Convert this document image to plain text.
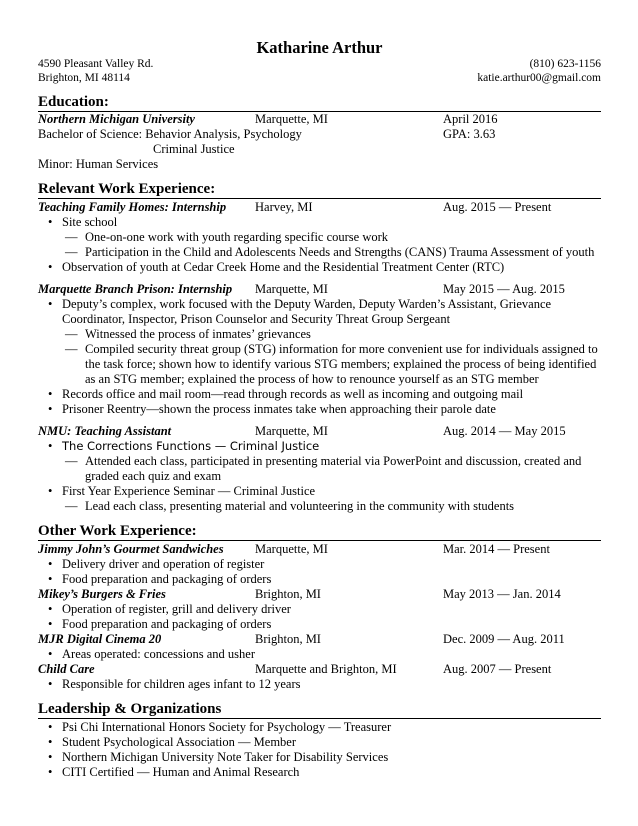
Katharine Arthur
4590 Pleasant Valley Rd.
Brighton, MI 48114
(810) 623-1156
katie.arthur00@gmail.com
Education:
Northern Michigan University	Marquette, MI	April 2016
Bachelor of Science: Behavior Analysis, Psychology	GPA: 3.63
Criminal Justice
Minor: Human Services
Relevant Work Experience:
Teaching Family Homes: Internship	Harvey, MI	Aug. 2015 — Present
• Site school
— One-on-one work with youth regarding specific course work
— Participation in the Child and Adolescents Needs and Strengths (CANS) Trauma Assessment of youth
• Observation of youth at Cedar Creek Home and the Residential Treatment Center (RTC)
Marquette Branch Prison: Internship	Marquette, MI	May 2015 — Aug. 2015
• Deputy’s complex, work focused with the Deputy Warden, Deputy Warden’s Assistant, Grievance Coordinator, Inspector, Prison Counselor and Security Threat Group Sergeant
— Witnessed the process of inmates’ grievances
— Compiled security threat group (STG) information for more convenient use for individuals assigned to the task force; shown how to identify various STG members; explained the process of being identified as an STG member; explained the process of how to renounce yourself as an STG member
• Records office and mail room—read through records as well as incoming and outgoing mail
• Prisoner Reentry—shown the process inmates take when approaching their parole date
NMU: Teaching Assistant	Marquette, MI	Aug. 2014 — May 2015
• The Corrections Functions — Criminal Justice
— Attended each class, participated in presenting material via PowerPoint and discussion, created and graded each quiz and exam
• First Year Experience Seminar — Criminal Justice
— Lead each class, presenting material and volunteering in the community with students
Other Work Experience:
Jimmy John’s Gourmet Sandwiches	Marquette, MI	Mar. 2014 — Present
• Delivery driver and operation of register
• Food preparation and packaging of orders
Mikey’s Burgers & Fries	Brighton, MI	May 2013 — Jan. 2014
• Operation of register, grill and delivery driver
• Food preparation and packaging of orders
MJR Digital Cinema 20	Brighton, MI	Dec. 2009 — Aug. 2011
• Areas operated: concessions and usher
Child Care	Marquette and Brighton, MI	Aug. 2007 — Present
• Responsible for children ages infant to 12 years
Leadership & Organizations
• Psi Chi International Honors Society for Psychology — Treasurer
• Student Psychological Association — Member
• Northern Michigan University Note Taker for Disability Services
• CITI Certified — Human and Animal Research
